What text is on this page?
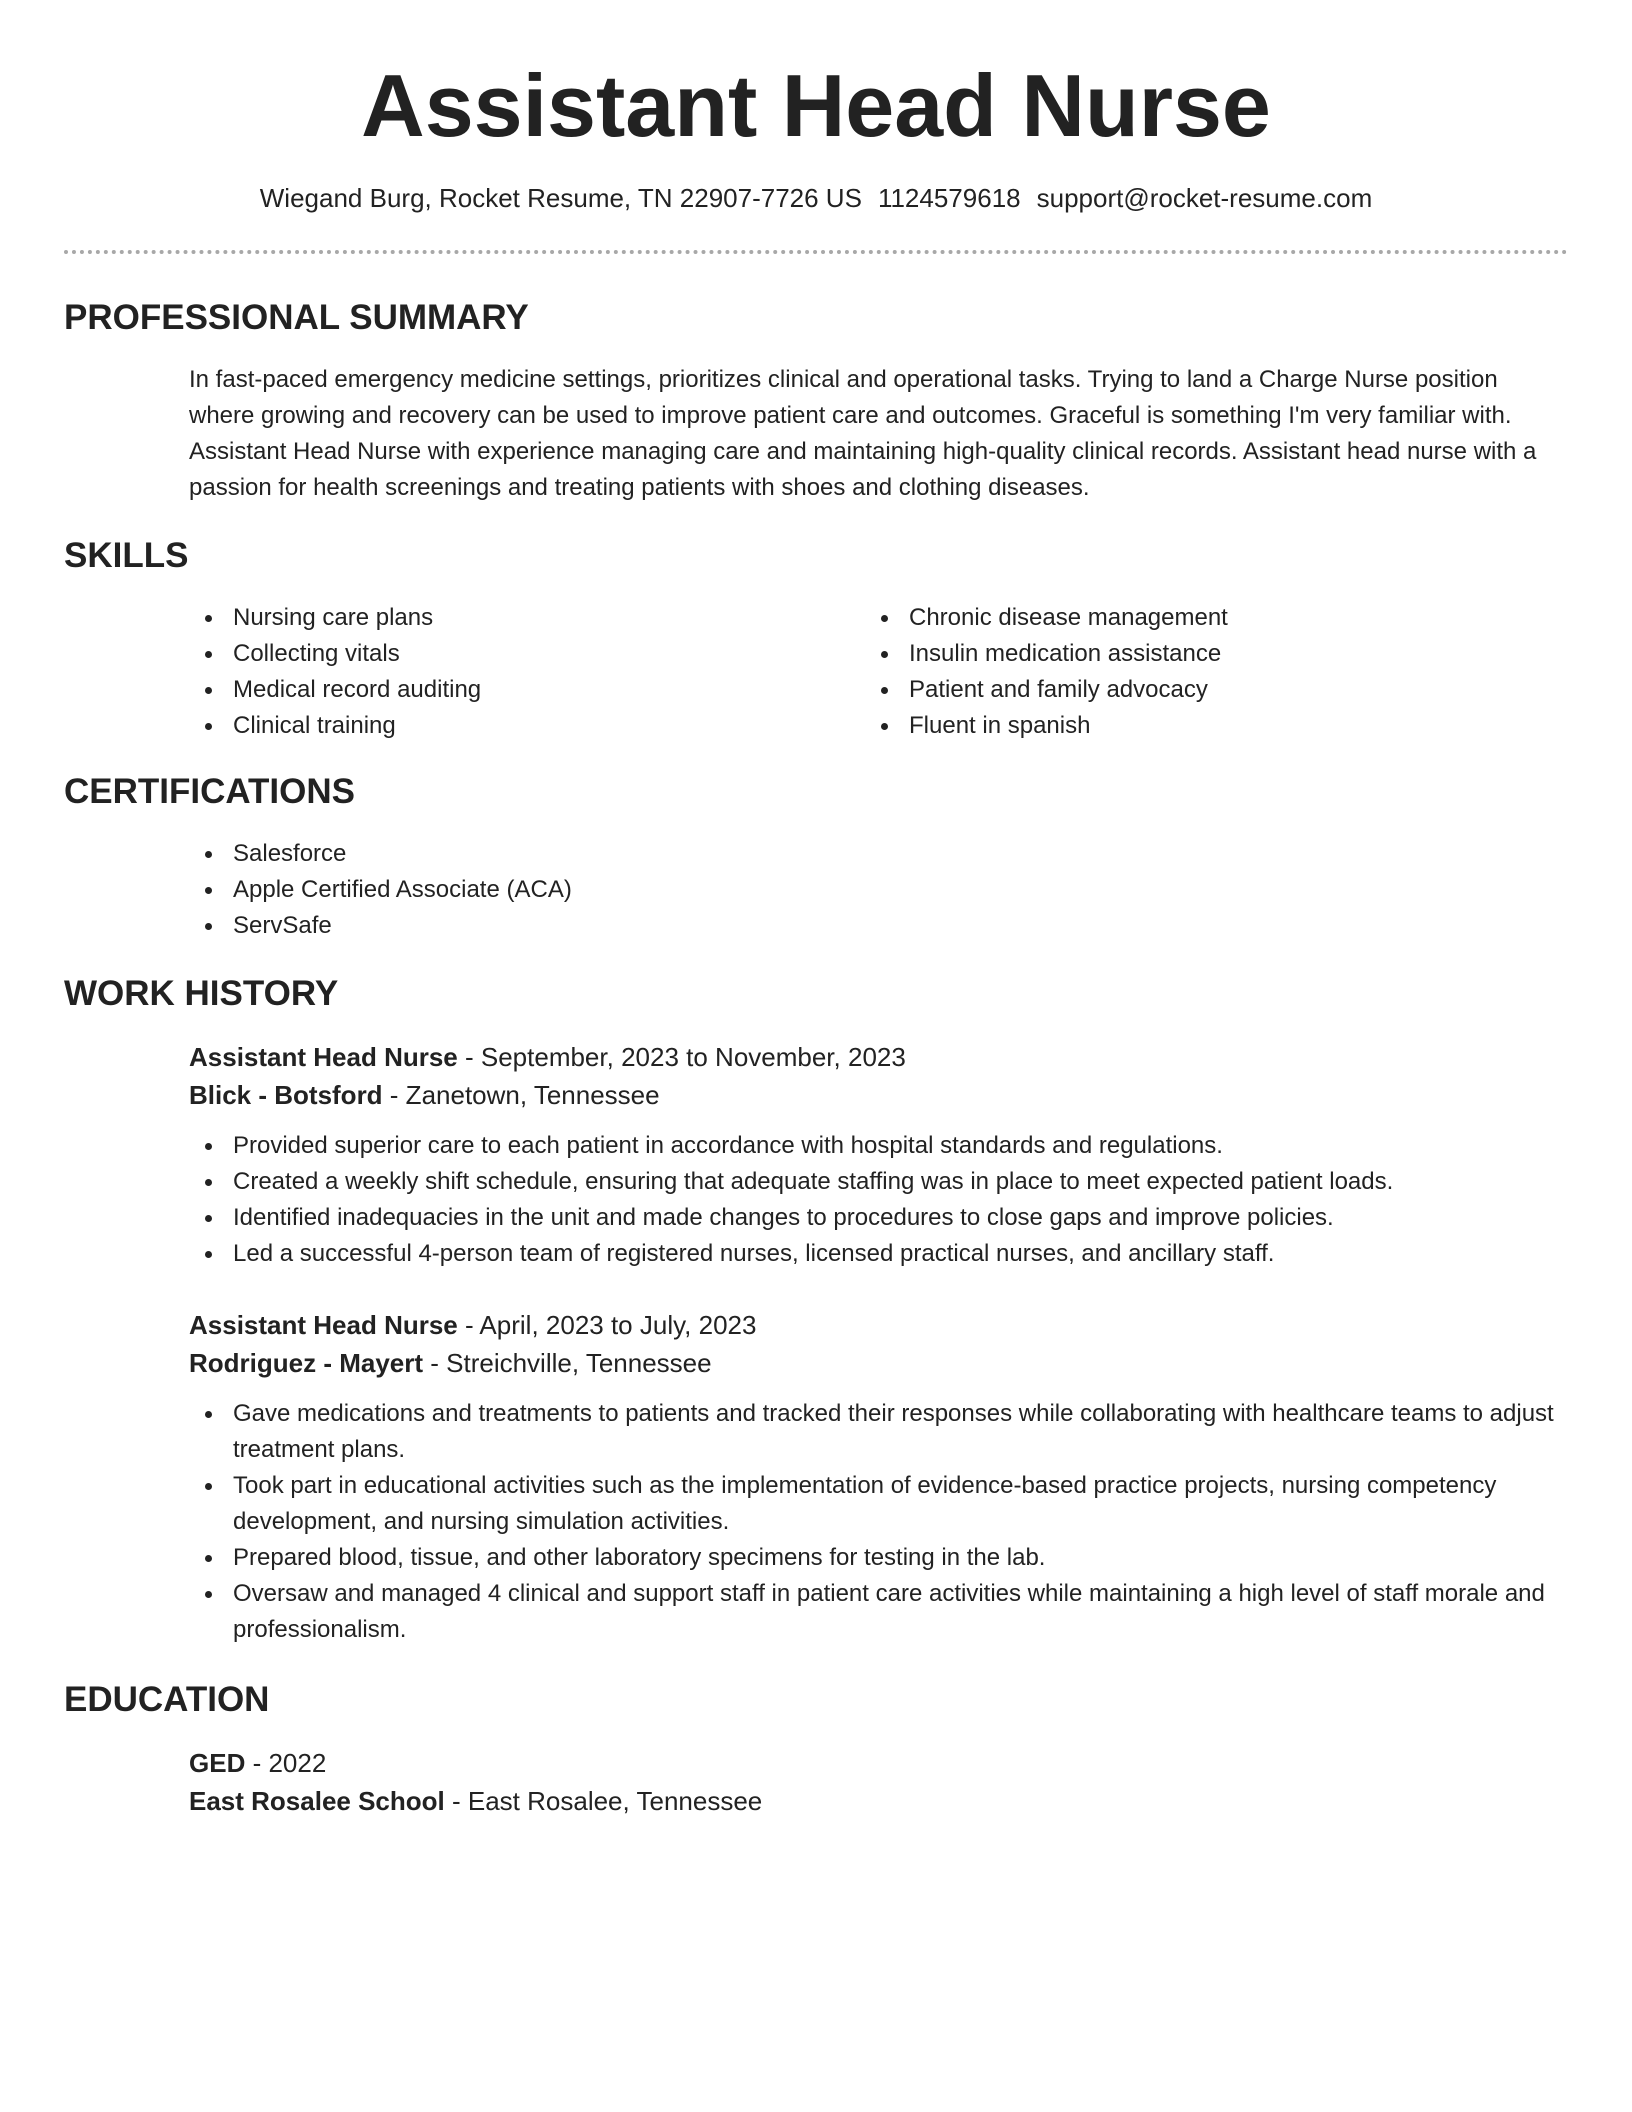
Assistant Head Nurse
Wiegand Burg, Rocket Resume, TN 22907-7726 US 1124579618 support@rocket-resume.com
PROFESSIONAL SUMMARY

In fast-paced emergency medicine settings, prioritizes clinical and operational tasks. Trying to land a Charge Nurse position where growing and recovery can be used to improve patient care and outcomes. Graceful is something I'm very familiar with. Assistant Head Nurse with experience managing care and maintaining high-quality clinical records. Assistant head nurse with a passion for health screenings and treating patients with shoes and clothing diseases.

SKILLS
Nursing care plans
Collecting vitals
Medical record auditing
Clinical training
Chronic disease management
Insulin medication assistance
Patient and family advocacy
Fluent in spanish
CERTIFICATIONS
Salesforce
Apple Certified Associate (ACA)
ServSafe
WORK HISTORY
Assistant Head Nurse - September, 2023 to November, 2023
Blick - Botsford - Zanetown, Tennessee
Provided superior care to each patient in accordance with hospital standards and regulations.
Created a weekly shift schedule, ensuring that adequate staffing was in place to meet expected patient loads.
Identified inadequacies in the unit and made changes to procedures to close gaps and improve policies.
Led a successful 4-person team of registered nurses, licensed practical nurses, and ancillary staff.
Assistant Head Nurse - April, 2023 to July, 2023
Rodriguez - Mayert - Streichville, Tennessee
Gave medications and treatments to patients and tracked their responses while collaborating with healthcare teams to adjust treatment plans.
Took part in educational activities such as the implementation of evidence-based practice projects, nursing competency development, and nursing simulation activities.
Prepared blood, tissue, and other laboratory specimens for testing in the lab.
Oversaw and managed 4 clinical and support staff in patient care activities while maintaining a high level of staff morale and professionalism.
EDUCATION
GED - 2022
East Rosalee School - East Rosalee, Tennessee
